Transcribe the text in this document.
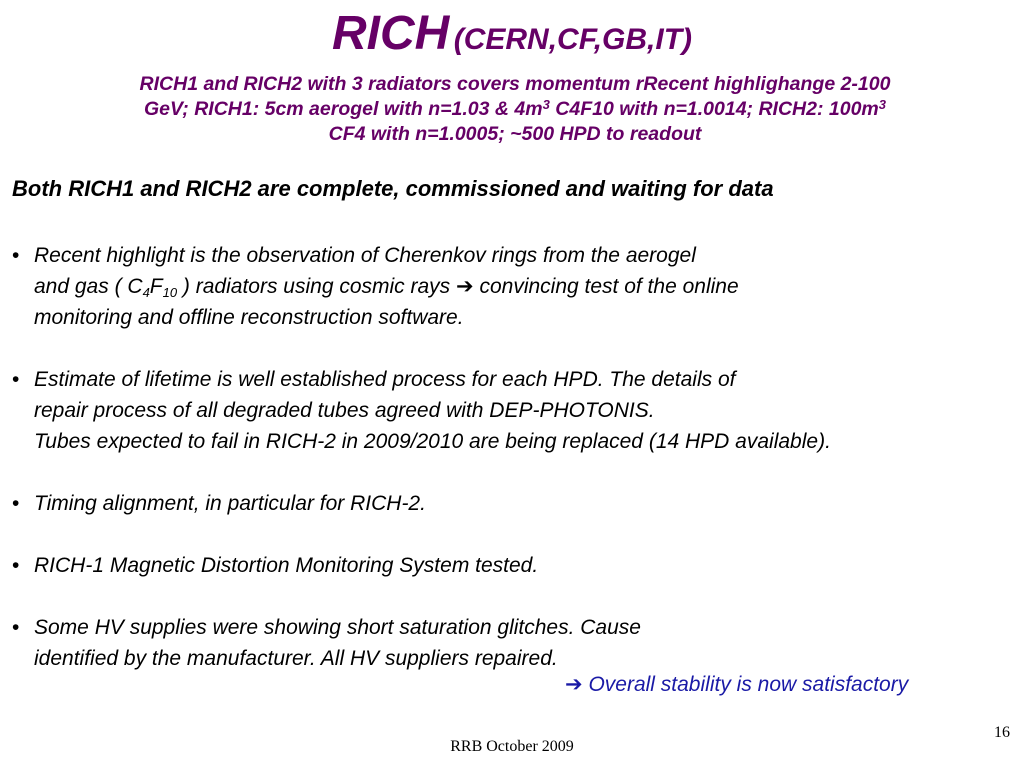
RICH (CERN,CF,GB,IT)
RICH1 and RICH2 with 3 radiators covers momentum rRecent highlighange 2-100
GeV; RICH1: 5cm aerogel with n=1.03 & $4m^3$ C4F10 with n=1.0014; RICH2: $100m^3$
CF4 with n=1.0005; ~500 HPD to readout
Both RICH1 and RICH2 are complete, commissioned and waiting for data
• Recent highlight is the observation of Cherenkov rings from the aerogel
and gas ( $C_4F_{10}$ ) radiators using cosmic rays ➔ convincing test of the online
monitoring and offline reconstruction software.
• Estimate of lifetime is well established process for each HPD. The details of
repair process of all degraded tubes agreed with DEP-PHOTONIS.
Tubes expected to fail in RICH-2 in 2009/2010 are being replaced (14 HPD available).
• Timing alignment, in particular for RICH-2.
• RICH-1 Magnetic Distortion Monitoring System tested.
• Some HV supplies were showing short saturation glitches. Cause
identified by the manufacturer. All HV suppliers repaired.
➔ Overall stability is now satisfactory
16
RRB October 2009
